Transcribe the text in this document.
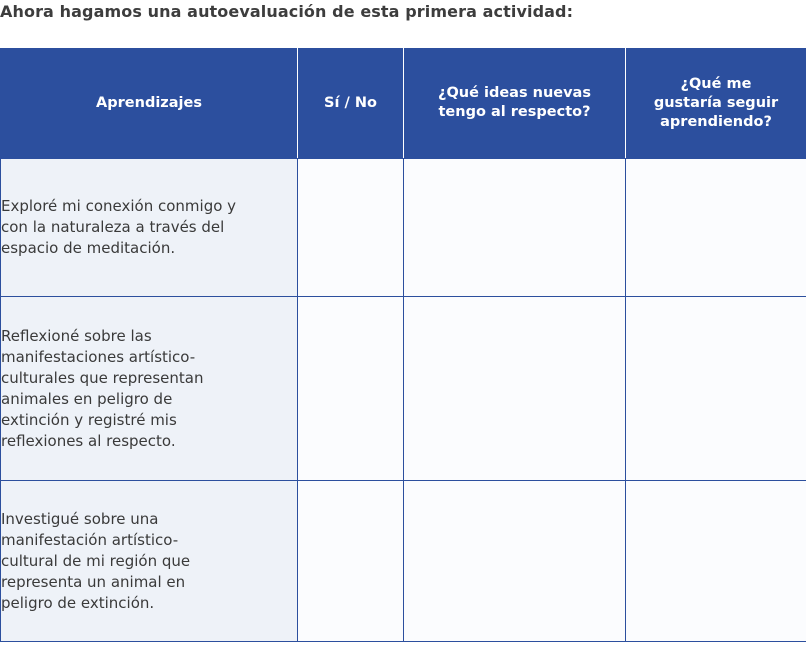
Ahora hagamos una autoevaluación de esta primera actividad:
Aprendizajes	Sí / No	¿Qué ideas nuevas tengo al respecto?	¿Qué me gustaría seguir aprendiendo?

Exploré mi conexión conmigo y con la naturaleza a través del espacio de meditación.			

Reflexioné sobre las manifestaciones artístico-culturales que representan animales en peligro de extinción y registré mis reflexiones al respecto.			

Investigué sobre una manifestación artístico-cultural de mi región que representa un animal en peligro de extinción.			
